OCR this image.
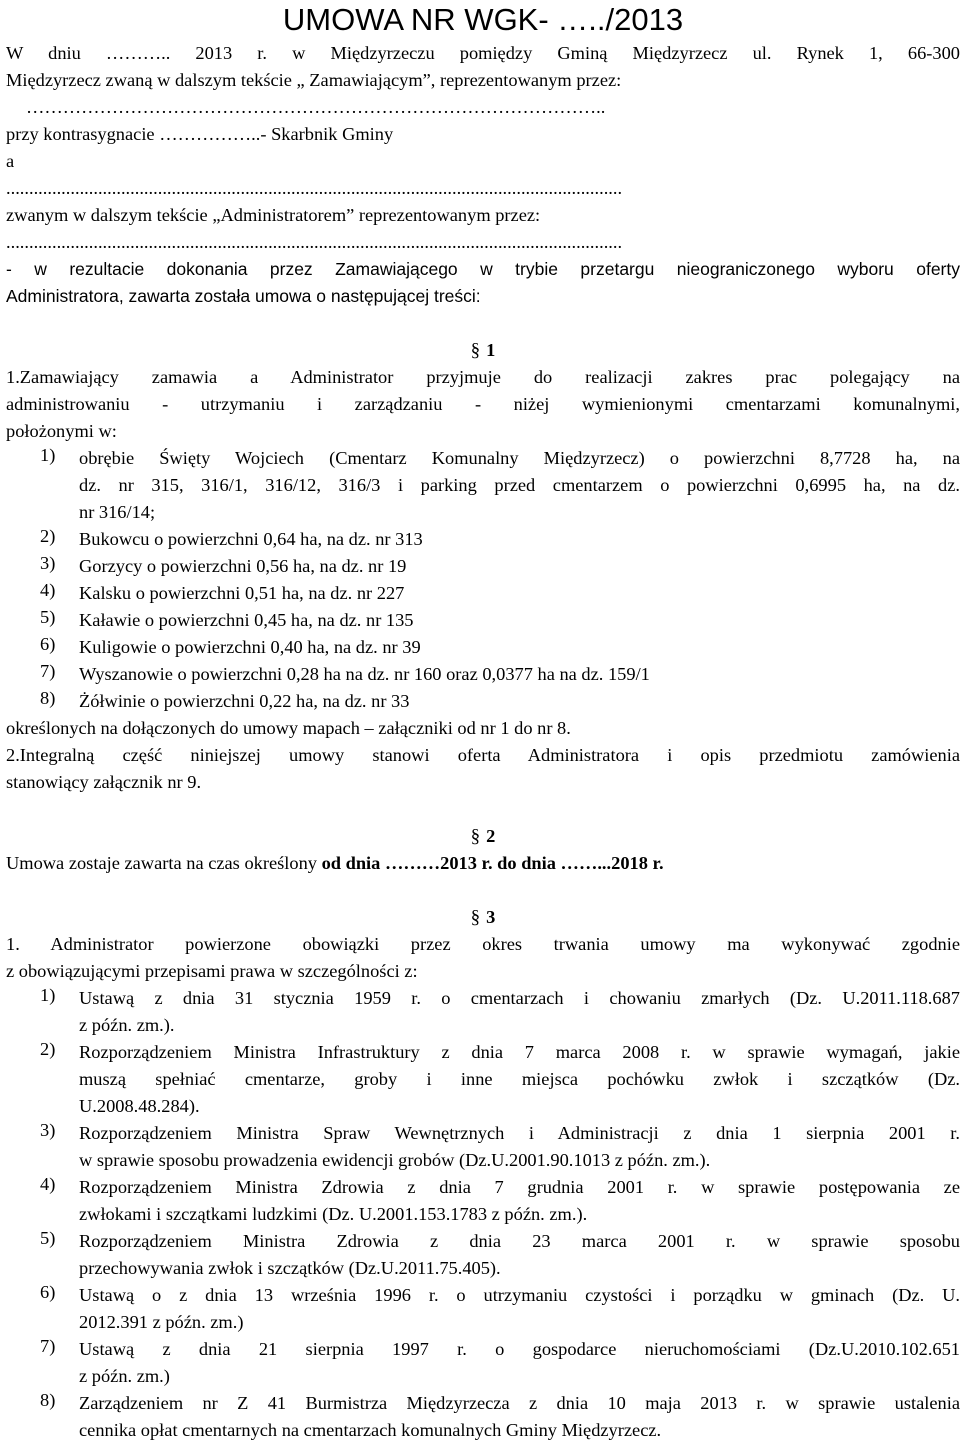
UMOWA NR WGK- …../2013
W dniu ……….. 2013 r. w Międzyrzeczu pomiędzy Gminą Międzyrzecz ul. Rynek 1, 66-300
Międzyrzecz zwaną w dalszym tekście „ Zamawiającym”, reprezentowanym przez:
…………………………………………………………………………………..
przy kontrasygnacie ……………..- Skarbnik Gminy
a
......................................................................................................................................
zwanym w dalszym tekście „Administratorem” reprezentowanym przez:
......................................................................................................................................
- w rezultacie dokonania przez Zamawiającego w trybie przetargu nieograniczonego wyboru oferty
Administratora, zawarta została umowa o następującej treści:
§ 1
1.Zamawiający zamawia a Administrator przyjmuje do realizacji zakres prac polegający na
administrowaniu - utrzymaniu i zarządzaniu - niżej wymienionymi cmentarzami komunalnymi,
położonymi w:
1) obrębie Święty Wojciech (Cmentarz Komunalny Międzyrzecz) o powierzchni 8,7728 ha, na
dz. nr 315, 316/1, 316/12, 316/3 i parking przed cmentarzem o powierzchni 0,6995 ha, na dz.
nr 316/14;
2) Bukowcu o powierzchni 0,64 ha, na dz. nr 313
3) Gorzycy o powierzchni 0,56 ha, na dz. nr 19
4) Kalsku o powierzchni 0,51 ha, na dz. nr 227
5) Kaławie o powierzchni 0,45 ha, na dz. nr 135
6) Kuligowie o powierzchni 0,40 ha, na dz. nr 39
7) Wyszanowie o powierzchni 0,28 ha na dz. nr 160 oraz 0,0377 ha na dz. 159/1
8) Żółwinie o powierzchni 0,22 ha, na dz. nr 33
określonych na dołączonych do umowy mapach – załączniki od nr 1 do nr 8.
2.Integralną część niniejszej umowy stanowi oferta Administratora i opis przedmiotu zamówienia
stanowiący załącznik nr 9.
§ 2
Umowa zostaje zawarta na czas określony od dnia ………2013 r. do dnia ……...2018 r.
§ 3
1. Administrator powierzone obowiązki przez okres trwania umowy ma wykonywać zgodnie
z obowiązującymi przepisami prawa w szczególności z:
1) Ustawą z dnia 31 stycznia 1959 r. o cmentarzach i chowaniu zmarłych (Dz. U.2011.118.687
z późn. zm.).
2) Rozporządzeniem Ministra Infrastruktury z dnia 7 marca 2008 r. w sprawie wymagań, jakie
muszą spełniać cmentarze, groby i inne miejsca pochówku zwłok i szczątków (Dz.
U.2008.48.284).
3) Rozporządzeniem Ministra Spraw Wewnętrznych i Administracji z dnia 1 sierpnia 2001 r.
w sprawie sposobu prowadzenia ewidencji grobów (Dz.U.2001.90.1013 z późn. zm.).
4) Rozporządzeniem Ministra Zdrowia z dnia 7 grudnia 2001 r. w sprawie postępowania ze
zwłokami i szczątkami ludzkimi (Dz. U.2001.153.1783 z późn. zm.).
5) Rozporządzeniem Ministra Zdrowia z dnia 23 marca 2001 r. w sprawie sposobu
przechowywania zwłok i szczątków (Dz.U.2011.75.405).
6) Ustawą o z dnia 13 września 1996 r. o utrzymaniu czystości i porządku w gminach (Dz. U.
2012.391 z późn. zm.)
7) Ustawą z dnia 21 sierpnia 1997 r. o gospodarce nieruchomościami (Dz.U.2010.102.651
z późn. zm.)
8) Zarządzeniem nr Z 41 Burmistrza Międzyrzecza z dnia 10 maja 2013 r. w sprawie ustalenia
cennika opłat cmentarnych na cmentarzach komunalnych Gminy Międzyrzecz.
